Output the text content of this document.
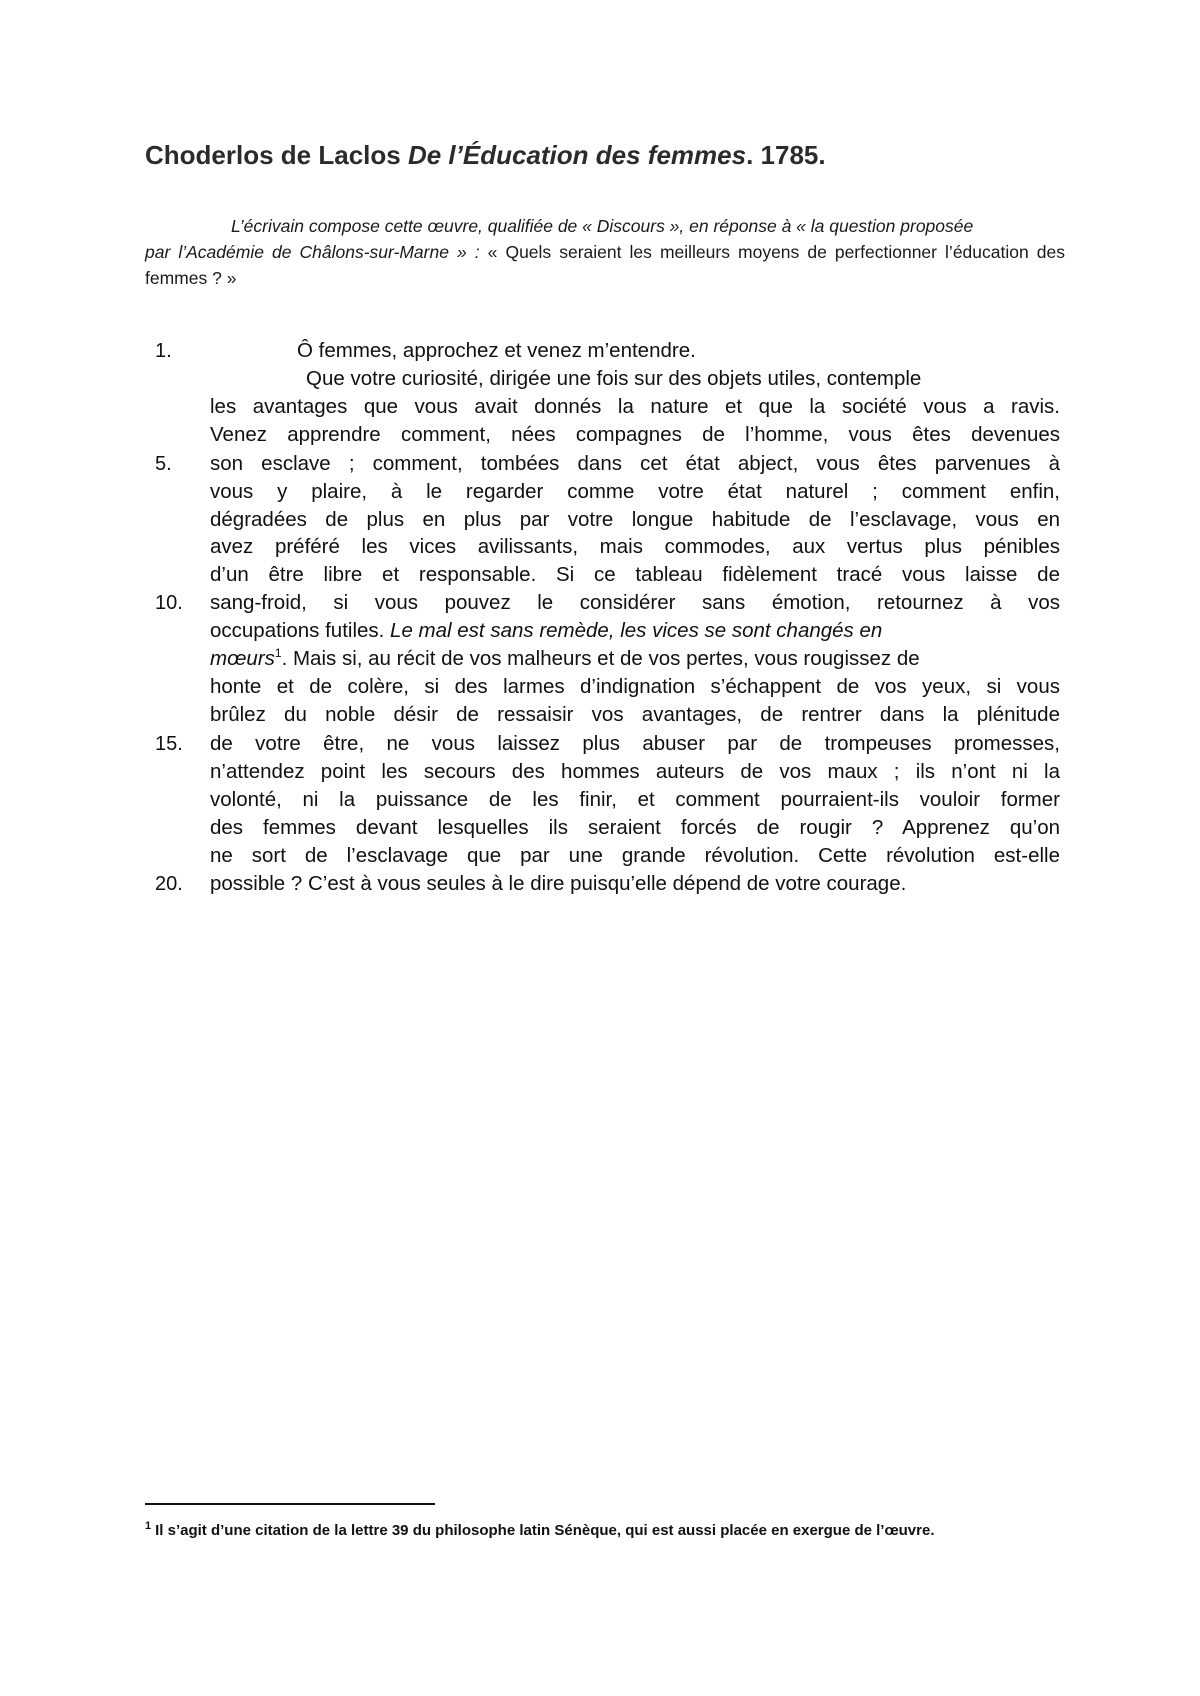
Choderlos de Laclos De l’Éducation des femmes. 1785.
L’écrivain compose cette œuvre, qualifiée de « Discours », en réponse à « la question proposée
par l’Académie de Châlons-sur-Marne » : « Quels seraient les meilleurs moyens de perfectionner l’éducation des femmes ? »
1.
5.
10.
15.
20.
Ô femmes, approchez et venez m’entendre.
Que votre curiosité, dirigée une fois sur des objets utiles, contemple
les avantages que vous avait donnés la nature et que la société vous a ravis.
Venez apprendre comment, nées compagnes de l’homme, vous êtes devenues
son esclave ; comment, tombées dans cet état abject, vous êtes parvenues à
vous y plaire, à le regarder comme votre état naturel ; comment enfin,
dégradées de plus en plus par votre longue habitude de l’esclavage, vous en
avez préféré les vices avilissants, mais commodes, aux vertus plus pénibles
d’un être libre et responsable. Si ce tableau fidèlement tracé vous laisse de
sang-froid, si vous pouvez le considérer sans émotion, retournez à vos
occupations futiles. Le mal est sans remède, les vices se sont changés en
mœurs$^1$. Mais si, au récit de vos malheurs et de vos pertes, vous rougissez de
honte et de colère, si des larmes d’indignation s’échappent de vos yeux, si vous
brûlez du noble désir de ressaisir vos avantages, de rentrer dans la plénitude
de votre être, ne vous laissez plus abuser par de trompeuses promesses,
n’attendez point les secours des hommes auteurs de vos maux ; ils n’ont ni la
volonté, ni la puissance de les finir, et comment pourraient-ils vouloir former
des femmes devant lesquelles ils seraient forcés de rougir ? Apprenez qu’on
ne sort de l’esclavage que par une grande révolution. Cette révolution est-elle
possible ? C’est à vous seules à le dire puisqu’elle dépend de votre courage.
$^1$ Il s’agit d’une citation de la lettre 39 du philosophe latin Sénèque, qui est aussi placée en exergue de l’œuvre.
